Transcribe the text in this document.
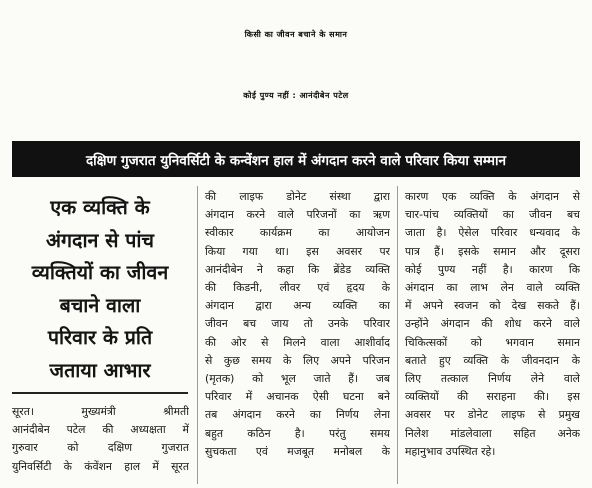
किसी का जीवन बचाने के समान
कोई पुण्य नहीं : आनंदीबेन पटेल
दक्षिण गुजरात युनिवर्सिटी के कन्वेंशन हाल में अंगदान करने वाले परिवार किया सम्मान
एक व्यक्ति के
अंगदान से पांच
व्यक्तियों का जीवन
बचाने वाला
परिवार के प्रति
जताया आभार
सूरत। मुख्यमंत्री श्रीमती
आनंदीबेन पटेल की अध्यक्षता में
गुरुवार को दक्षिण गुजरात
युनिवर्सिटी के कंवेंशन हाल में सूरत
की लाइफ डोनेट संस्था द्वारा
अंगदान करने वाले परिजनों का ऋण
स्वीकार कार्यक्रम का आयोजन
किया गया था। इस अवसर पर
आनंदीबेन ने कहा कि ब्रेंडेड व्यक्ति
की किडनी, लीवर एवं हृदय के
अंगदान द्वारा अन्य व्यक्ति का
जीवन बच जाय तो उनके परिवार
की ओर से मिलने वाला आशीर्वाद
से कुछ समय के लिए अपने परिजन
(मृतक) को भूल जाते हैं। जब
परिवार में अचानक ऐसी घटना बने
तब अंगदान करने का निर्णय लेना
बहुत कठिन है। परंतु समय
सुचकता एवं मजबूत मनोबल के
कारण एक व्यक्ति के अंगदान से
चार-पांच व्यक्तियों का जीवन बच
जाता है। ऐसेल परिवार धन्यवाद के
पात्र हैं। इसके समान और दूसरा
कोई पुण्य नहीं है। कारण कि
अंगदान का लाभ लेन वाले व्यक्ति
में अपने स्वजन को देख सकते हैं।
उन्होंने अंगदान की शोध करने वाले
चिकित्सकों को भगवान समान
बताते हुए व्यक्ति के जीवनदान के
लिए तत्काल निर्णय लेने वाले
व्यक्तियों की सराहना की। इस
अवसर पर डोनेट लाइफ से प्रमुख
निलेश मांडलेवाला सहित अनेक
महानुभाव उपस्थित रहे।
